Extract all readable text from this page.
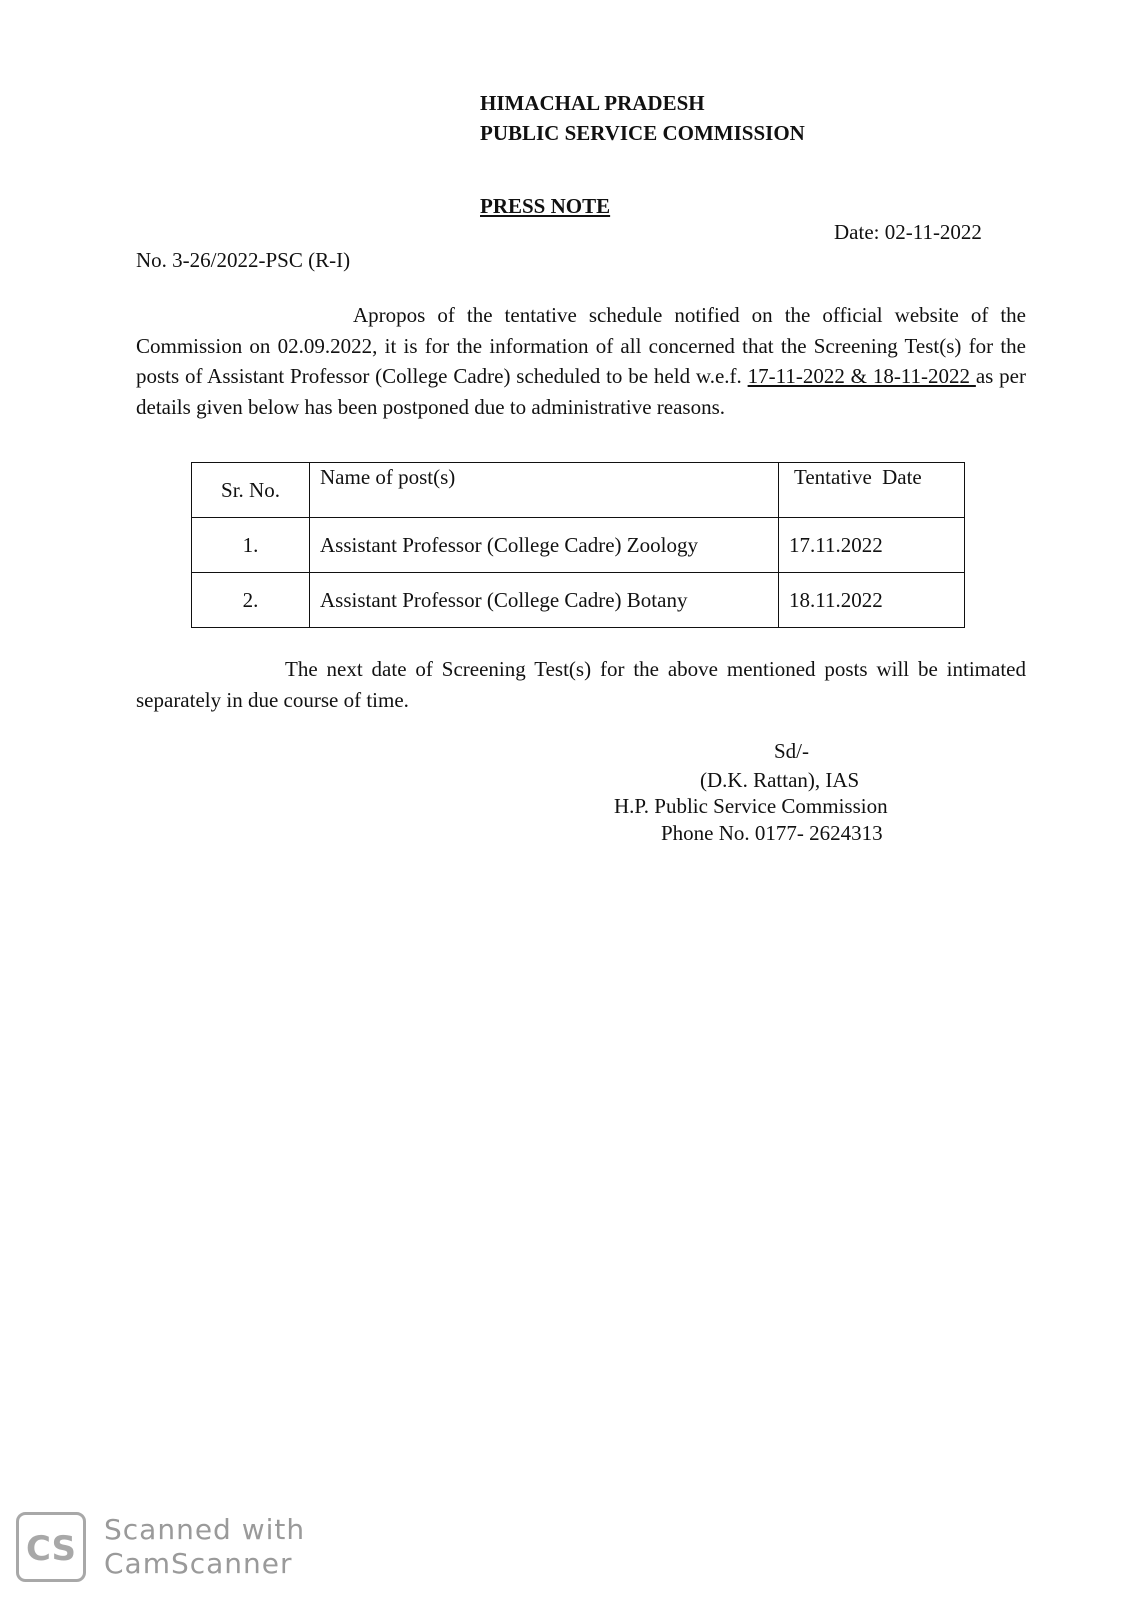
HIMACHAL PRADESH
PUBLIC SERVICE COMMISSION
PRESS NOTE
Date: 02-11-2022
No. 3-26/2022-PSC (R-I)

Apropos of the tentative schedule notified on the official website of the Commission on 02.09.2022, it is for the information of all concerned that the Screening Test(s) for the posts of Assistant Professor (College Cadre) scheduled to be held w.e.f. 17-11-2022 & 18-11-2022 as per details given below has been postponed due to administrative reasons.

Sr. No.	Name of post(s)	Tentative Date
1.	Assistant Professor (College Cadre) Zoology	17.11.2022
2.	Assistant Professor (College Cadre) Botany	18.11.2022

The next date of Screening Test(s) for the above mentioned posts will be intimated separately in due course of time.

Sd/-
(D.K. Rattan), IAS
H.P. Public Service Commission
Phone No. 0177- 2624313
CS Scanned with
CamScanner
